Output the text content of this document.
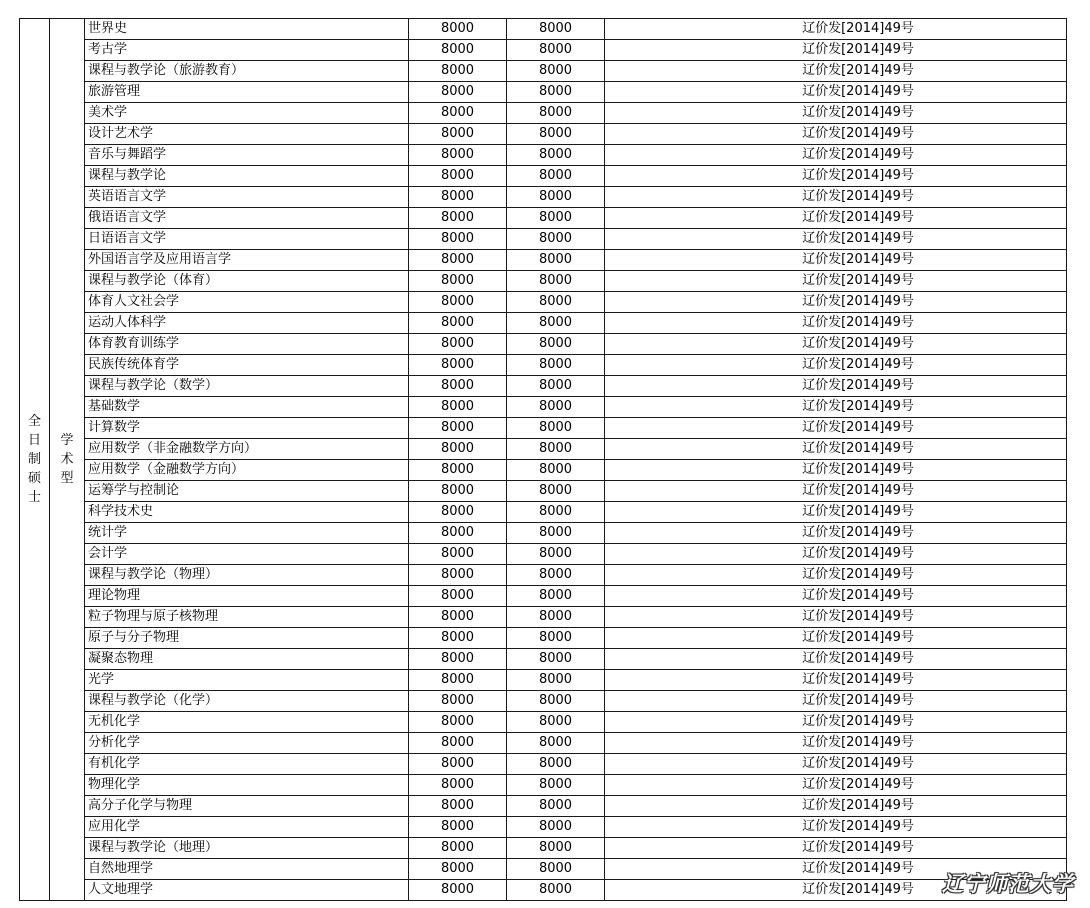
全日制硕士	学术型	世界史	8000	8000	辽价发[2014]49号
		考古学	8000	8000	辽价发[2014]49号
		课程与教学论（旅游教育）	8000	8000	辽价发[2014]49号
		旅游管理	8000	8000	辽价发[2014]49号
		美术学	8000	8000	辽价发[2014]49号
		设计艺术学	8000	8000	辽价发[2014]49号
		音乐与舞蹈学	8000	8000	辽价发[2014]49号
		课程与教学论	8000	8000	辽价发[2014]49号
		英语语言文学	8000	8000	辽价发[2014]49号
		俄语语言文学	8000	8000	辽价发[2014]49号
		日语语言文学	8000	8000	辽价发[2014]49号
		外国语言学及应用语言学	8000	8000	辽价发[2014]49号
		课程与教学论（体育）	8000	8000	辽价发[2014]49号
		体育人文社会学	8000	8000	辽价发[2014]49号
		运动人体科学	8000	8000	辽价发[2014]49号
		体育教育训练学	8000	8000	辽价发[2014]49号
		民族传统体育学	8000	8000	辽价发[2014]49号
		课程与教学论（数学）	8000	8000	辽价发[2014]49号
		基础数学	8000	8000	辽价发[2014]49号
		计算数学	8000	8000	辽价发[2014]49号
		应用数学（非金融数学方向）	8000	8000	辽价发[2014]49号
		应用数学（金融数学方向）	8000	8000	辽价发[2014]49号
		运筹学与控制论	8000	8000	辽价发[2014]49号
		科学技术史	8000	8000	辽价发[2014]49号
		统计学	8000	8000	辽价发[2014]49号
		会计学	8000	8000	辽价发[2014]49号
		课程与教学论（物理）	8000	8000	辽价发[2014]49号
		理论物理	8000	8000	辽价发[2014]49号
		粒子物理与原子核物理	8000	8000	辽价发[2014]49号
		原子与分子物理	8000	8000	辽价发[2014]49号
		凝聚态物理	8000	8000	辽价发[2014]49号
		光学	8000	8000	辽价发[2014]49号
		课程与教学论（化学）	8000	8000	辽价发[2014]49号
		无机化学	8000	8000	辽价发[2014]49号
		分析化学	8000	8000	辽价发[2014]49号
		有机化学	8000	8000	辽价发[2014]49号
		物理化学	8000	8000	辽价发[2014]49号
		高分子化学与物理	8000	8000	辽价发[2014]49号
		应用化学	8000	8000	辽价发[2014]49号
		课程与教学论（地理）	8000	8000	辽价发[2014]49号
		自然地理学	8000	8000	辽价发[2014]49号
		人文地理学	8000	8000	辽价发[2014]49号 辽宁师范大学
